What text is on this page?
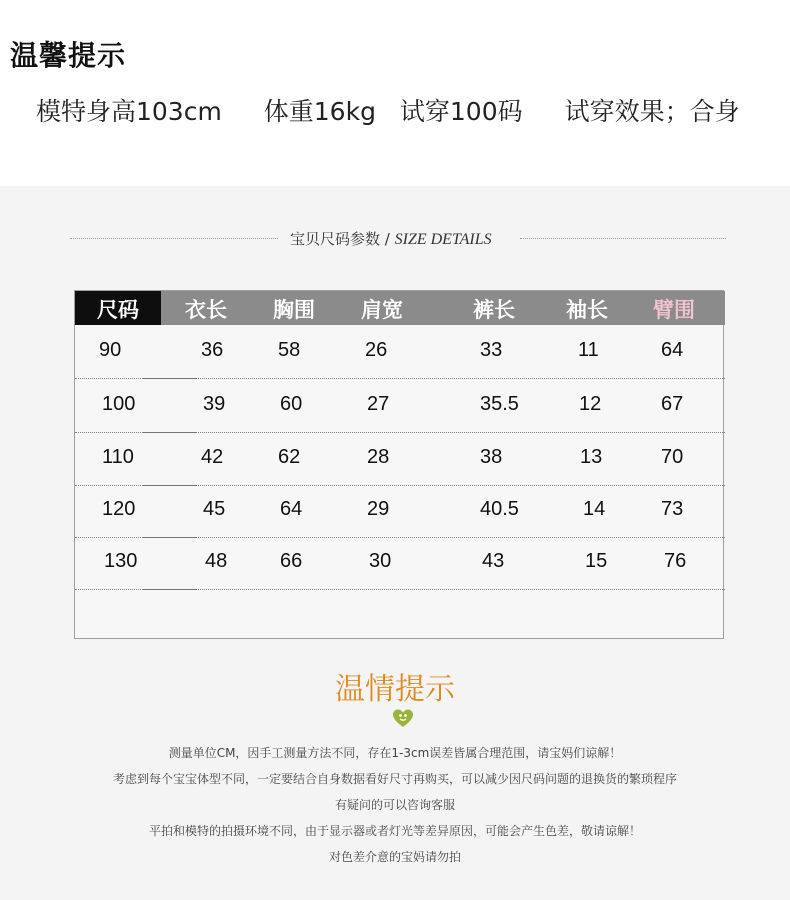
温馨提示
模特身高103cm 体重16kg 试穿100码 试穿效果；合身
宝贝尺码参数 / SIZE DETAILS
尺码 衣长 胸围 肩宽	裤长 袖长 臂围
90	36	58	26	33	11	64
100	39	60	27	35.5	12	67
110	42	62	28	38	13	70
120	45	64	29	40.5	14	73
130	48	66	30	43	15	76
温情提示
测量单位CM，因手工测量方法不同，存在1-3cm误差皆属合理范围，请宝妈们谅解！
考虑到每个宝宝体型不同，一定要结合自身数据看好尺寸再购买，可以减少因尺码问题的退换货的繁琐程序
有疑问的可以咨询客服
平拍和模特的拍摄环境不同，由于显示器或者灯光等差异原因，可能会产生色差，敬请谅解！
对色差介意的宝妈请勿拍
